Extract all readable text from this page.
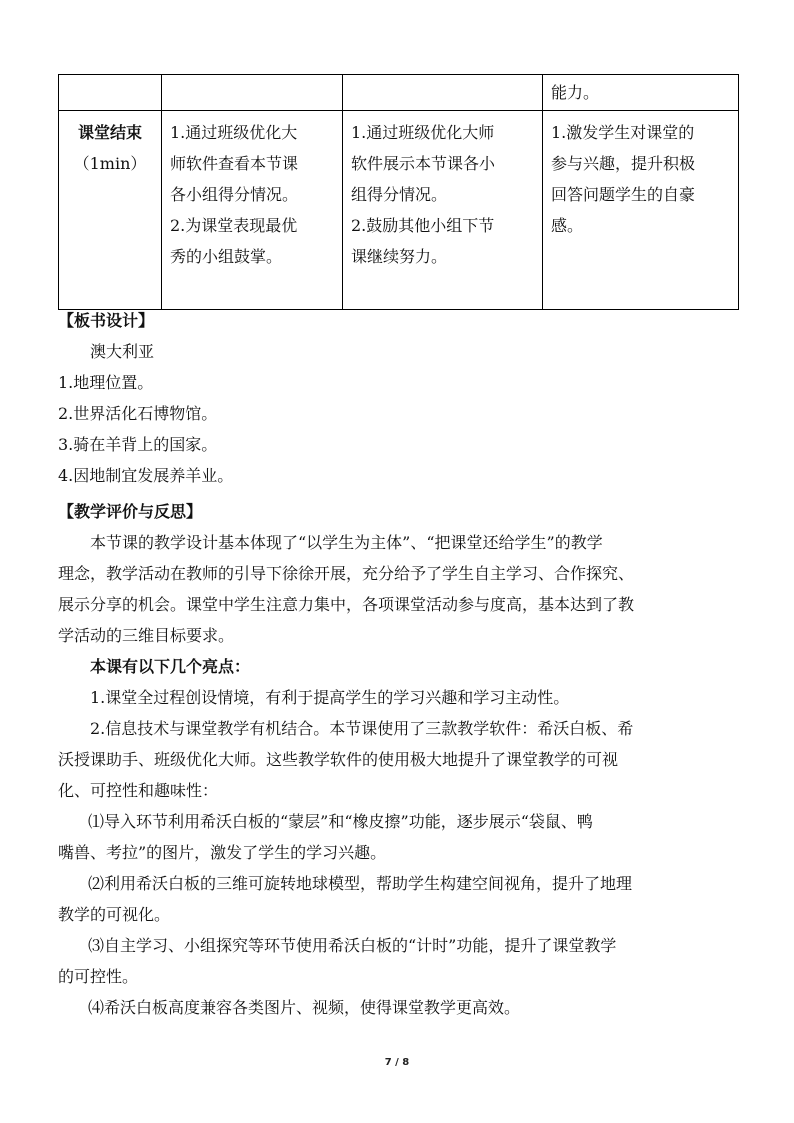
			能力。

课堂结束
（1min）	1.通过班级优化大
师软件查看本节课
各小组得分情况。
2.为课堂表现最优
秀的小组鼓掌。	1.通过班级优化大师
软件展示本节课各小
组得分情况。
2.鼓励其他小组下节
课继续努力。	1.激发学生对课堂的
参与兴趣，提升积极
回答问题学生的自豪
感。
【板书设计】
澳大利亚
1.地理位置。
2.世界活化石博物馆。
3.骑在羊背上的国家。
4.因地制宜发展养羊业。
【教学评价与反思】
本节课的教学设计基本体现了“以学生为主体”、“把课堂还给学生”的教学
理念，教学活动在教师的引导下徐徐开展，充分给予了学生自主学习、合作探究、
展示分享的机会。课堂中学生注意力集中，各项课堂活动参与度高，基本达到了教
学活动的三维目标要求。
本课有以下几个亮点：
1.课堂全过程创设情境，有利于提高学生的学习兴趣和学习主动性。
2.信息技术与课堂教学有机结合。本节课使用了三款教学软件：希沃白板、希
沃授课助手、班级优化大师。这些教学软件的使用极大地提升了课堂教学的可视
化、可控性和趣味性：
⑴导入环节利用希沃白板的“蒙层”和“橡皮擦”功能，逐步展示“袋鼠、鸭
嘴兽、考拉”的图片，激发了学生的学习兴趣。
⑵利用希沃白板的三维可旋转地球模型，帮助学生构建空间视角，提升了地理
教学的可视化。
⑶自主学习、小组探究等环节使用希沃白板的“计时”功能，提升了课堂教学
的可控性。
⑷希沃白板高度兼容各类图片、视频，使得课堂教学更高效。
7 / 8
